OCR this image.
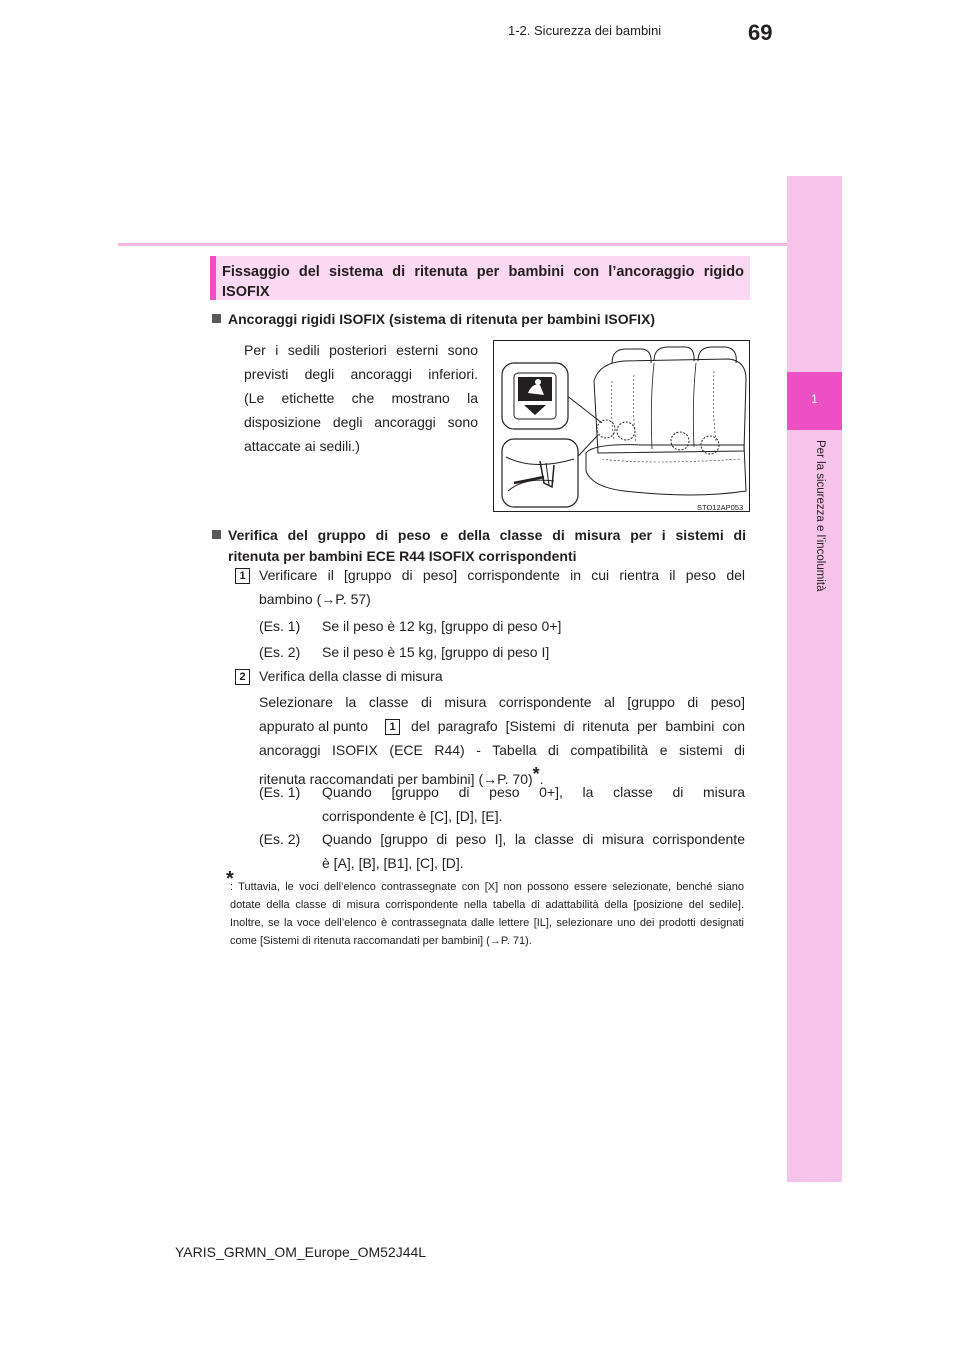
69
1-2. Sicurezza dei bambini
1
Per la sicurezza e l’incolumità
Fissaggio del sistema di ritenuta per bambini con l’ancoraggio rigido
ISOFIX
Ancoraggi rigidi ISOFIX (sistema di ritenuta per bambini ISOFIX)
Per i sedili posteriori esterni sono
previsti degli ancoraggi inferiori.
(Le etichette che mostrano la
disposizione degli ancoraggi sono
attaccate ai sedili.)
STO12AP053
Verifica del gruppo di peso e della classe di misura per i sistemi di
ritenuta per bambini ECE R44 ISOFIX corrispondenti
1 Verificare il [gruppo di peso] corrispondente in cui rientra il peso del
bambino (→P. 57)
(Es. 1) Se il peso è 12 kg, [gruppo di peso 0+]
(Es. 2) Se il peso è 15 kg, [gruppo di peso I]
2 Verifica della classe di misura
Selezionare la classe di misura corrispondente al [gruppo di peso]
appurato al punto	1	del paragrafo [Sistemi di ritenuta per bambini con
ancoraggi ISOFIX (ECE R44) - Tabella di compatibilità e sistemi di
ritenuta raccomandati per bambini] (→P. 70)*.
(Es. 1) Quando [gruppo di peso 0+], la classe di misura
corrispondente è [C], [D], [E].
(Es. 2) Quando [gruppo di peso I], la classe di misura corrispondente
è [A], [B], [B1], [C], [D].
*
: Tuttavia, le voci dell’elenco contrassegnate con [X] non possono essere selezionate, benché siano dotate della classe di misura corrispondente nella tabella di adattabilità della [posizione del sedile]. Inoltre, se la voce dell’elenco è contrassegnata dalle lettere [IL], selezionare uno dei prodotti designati come [Sistemi di ritenuta raccomandati per bambini] (→P. 71).
YARIS_GRMN_OM_Europe_OM52J44L
